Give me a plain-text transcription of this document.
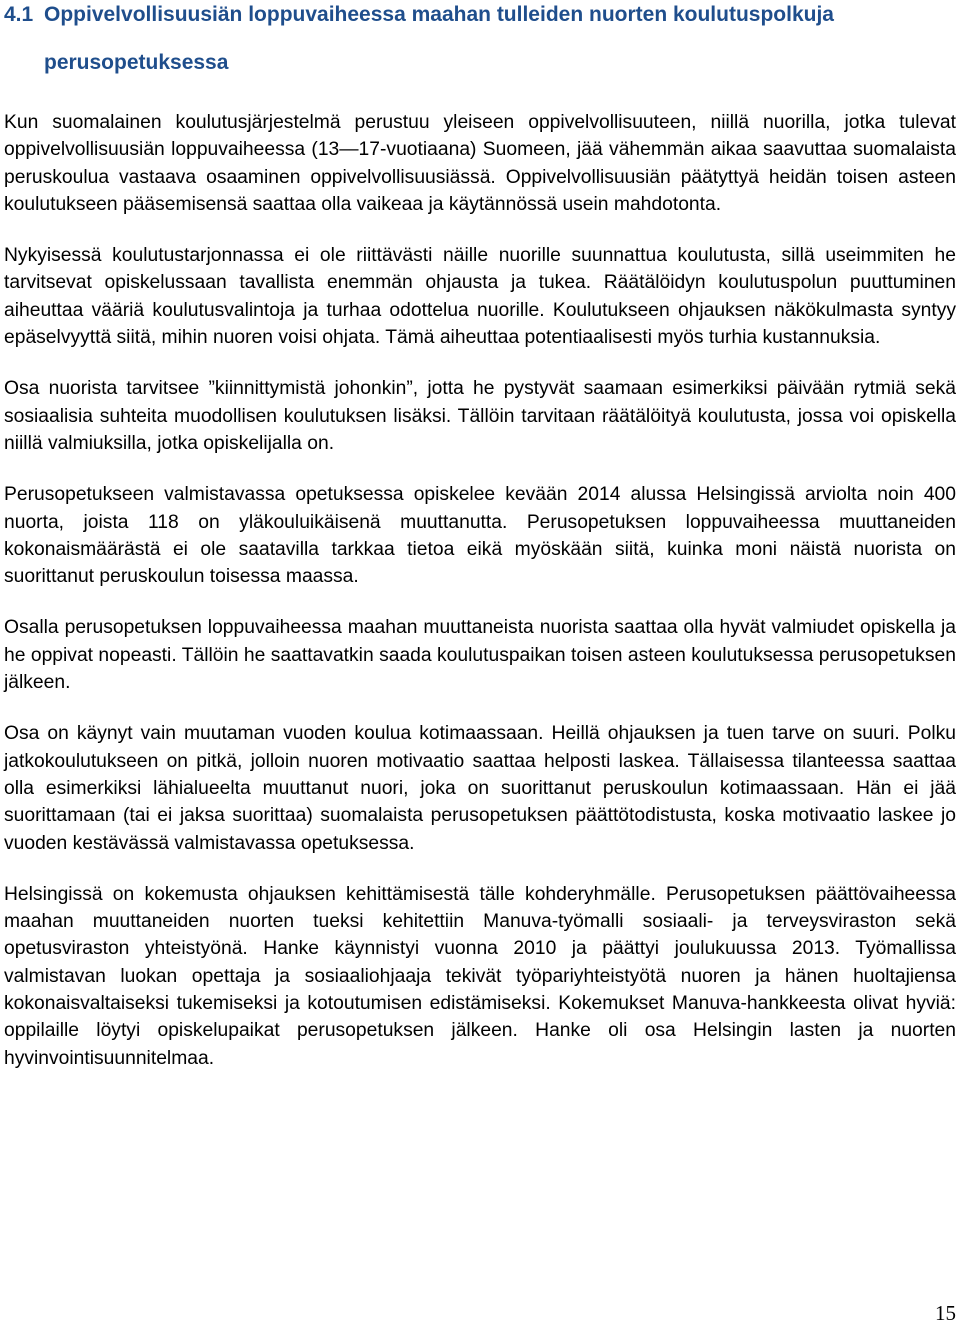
4.1 Oppivelvollisuusiän loppuvaiheessa maahan tulleiden nuorten koulutuspolkuja
perusopetuksessa

Kun suomalainen koulutusjärjestelmä perustuu yleiseen oppivelvollisuuteen, niillä nuorilla, jotka tulevat oppivelvollisuusiän loppuvaiheessa (13—17-vuotiaana) Suomeen, jää vähemmän aikaa saavuttaa suomalaista peruskoulua vastaava osaaminen oppivelvollisuusiässä. Oppivelvollisuusiän päätyttyä heidän toisen asteen koulutukseen pääsemisensä saattaa olla vaikeaa ja käytännössä usein mahdotonta.

Nykyisessä koulutustarjonnassa ei ole riittävästi näille nuorille suunnattua koulutusta, sillä useimmiten he tarvitsevat opiskelussaan tavallista enemmän ohjausta ja tukea. Räätälöidyn koulutuspolun puuttuminen aiheuttaa vääriä koulutusvalintoja ja turhaa odottelua nuorille. Koulutukseen ohjauksen näkökulmasta syntyy epäselvyyttä siitä, mihin nuoren voisi ohjata. Tämä aiheuttaa potentiaalisesti myös turhia kustannuksia.

Osa nuorista tarvitsee ”kiinnittymistä johonkin”, jotta he pystyvät saamaan esimerkiksi päivään rytmiä sekä sosiaalisia suhteita muodollisen koulutuksen lisäksi. Tällöin tarvitaan räätälöityä koulutusta, jossa voi opiskella niillä valmiuksilla, jotka opiskelijalla on.

Perusopetukseen valmistavassa opetuksessa opiskelee kevään 2014 alussa Helsingissä arviolta noin 400 nuorta, joista 118 on yläkouluikäisenä muuttanutta. Perusopetuksen loppuvaiheessa muuttaneiden kokonaismäärästä ei ole saatavilla tarkkaa tietoa eikä myöskään siitä, kuinka moni näistä nuorista on suorittanut peruskoulun toisessa maassa.

Osalla perusopetuksen loppuvaiheessa maahan muuttaneista nuorista saattaa olla hyvät valmiudet opiskella ja he oppivat nopeasti. Tällöin he saattavatkin saada koulutuspaikan toisen asteen koulutuksessa perusopetuksen jälkeen.

Osa on käynyt vain muutaman vuoden koulua kotimaassaan. Heillä ohjauksen ja tuen tarve on suuri. Polku jatkokoulutukseen on pitkä, jolloin nuoren motivaatio saattaa helposti laskea. Tällaisessa tilanteessa saattaa olla esimerkiksi lähialueelta muuttanut nuori, joka on suorittanut peruskoulun kotimaassaan. Hän ei jää suorittamaan (tai ei jaksa suorittaa) suomalaista perusopetuksen päättötodistusta, koska motivaatio laskee jo vuoden kestävässä valmistavassa opetuksessa.

Helsingissä on kokemusta ohjauksen kehittämisestä tälle kohderyhmälle. Perusopetuksen päättövaiheessa maahan muuttaneiden nuorten tueksi kehitettiin Manuva-työmalli sosiaali- ja terveysviraston sekä opetusviraston yhteistyönä. Hanke käynnistyi vuonna 2010 ja päättyi joulukuussa 2013. Työmallissa valmistavan luokan opettaja ja sosiaaliohjaaja tekivät työpariyhteistyötä nuoren ja hänen huoltajiensa kokonaisvaltaiseksi tukemiseksi ja kotoutumisen edistämiseksi. Kokemukset Manuva-hankkeesta olivat hyviä: oppilaille löytyi opiskelupaikat perusopetuksen jälkeen. Hanke oli osa Helsingin lasten ja nuorten hyvinvointisuunnitelmaa.

15
